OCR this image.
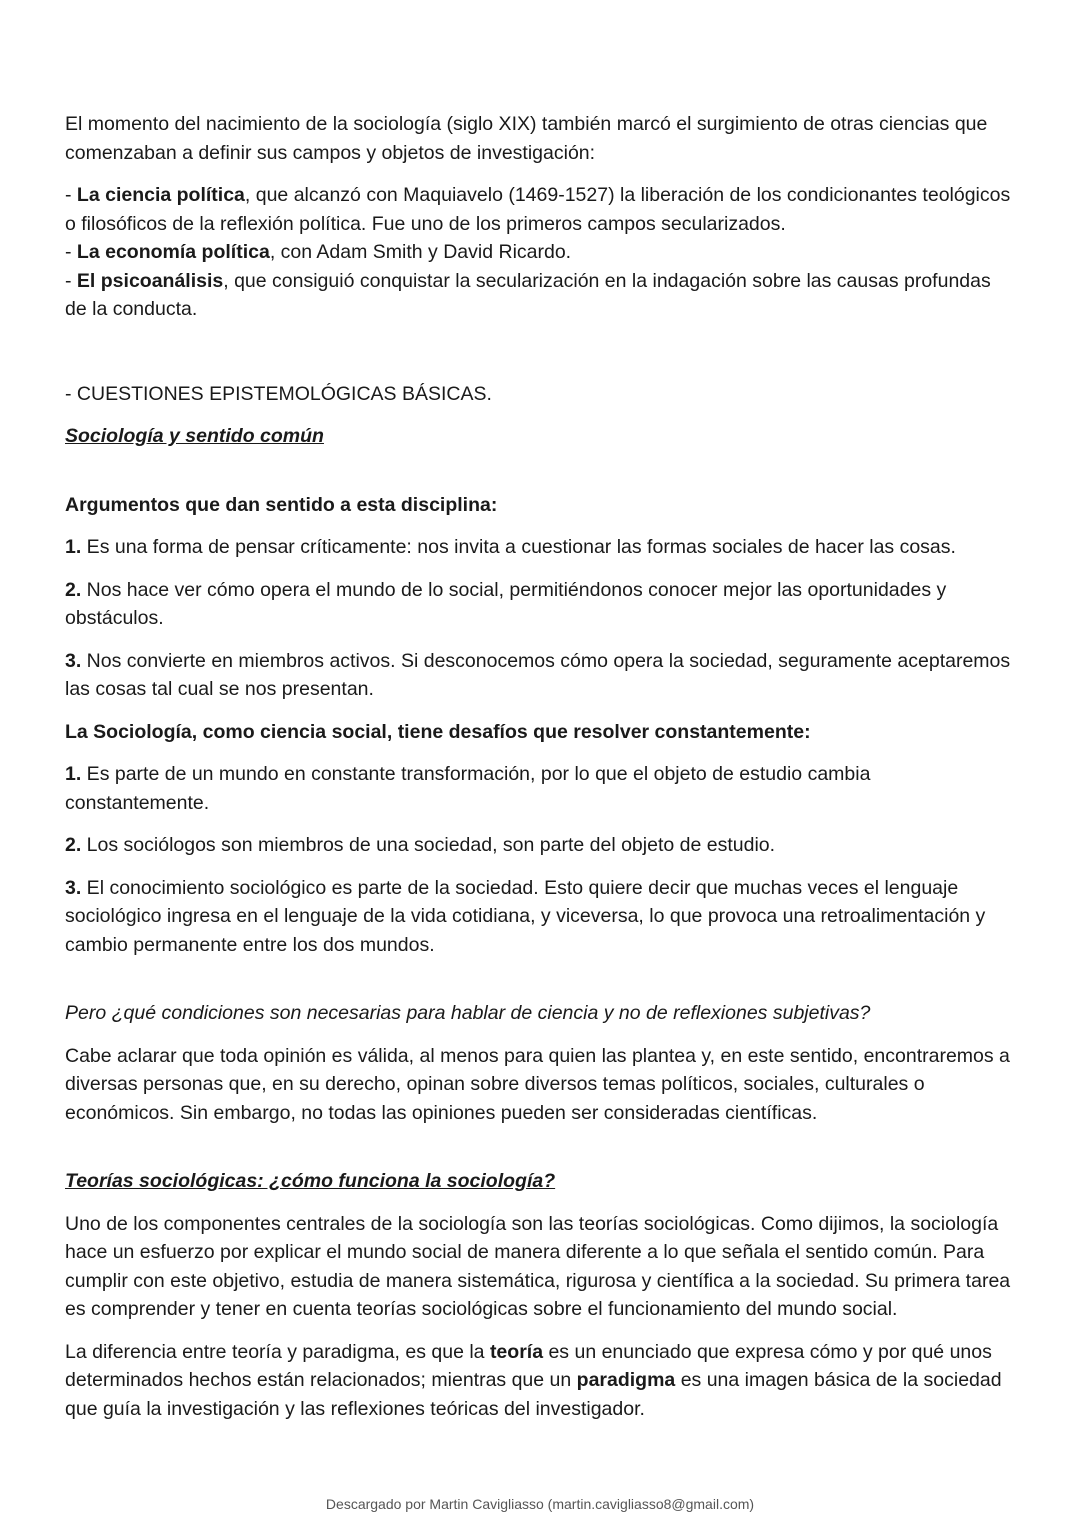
El momento del nacimiento de la sociología (siglo XIX) también marcó el surgimiento de otras ciencias que comenzaban a definir sus campos y objetos de investigación:

- La ciencia política, que alcanzó con Maquiavelo (1469-1527) la liberación de los condicionantes teológicos o filosóficos de la reflexión política. Fue uno de los primeros campos secularizados.
- La economía política, con Adam Smith y David Ricardo.
- El psicoanálisis, que consiguió conquistar la secularización en la indagación sobre las causas profundas de la conducta.

- CUESTIONES EPISTEMOLÓGICAS BÁSICAS.

Sociología y sentido común

Argumentos que dan sentido a esta disciplina:

1. Es una forma de pensar críticamente: nos invita a cuestionar las formas sociales de hacer las cosas.

2. Nos hace ver cómo opera el mundo de lo social, permitiéndonos conocer mejor las oportunidades y obstáculos.

3. Nos convierte en miembros activos. Si desconocemos cómo opera la sociedad, seguramente aceptaremos las cosas tal cual se nos presentan.

La Sociología, como ciencia social, tiene desafíos que resolver constantemente:

1. Es parte de un mundo en constante transformación, por lo que el objeto de estudio cambia constantemente.

2. Los sociólogos son miembros de una sociedad, son parte del objeto de estudio.

3. El conocimiento sociológico es parte de la sociedad. Esto quiere decir que muchas veces el lenguaje sociológico ingresa en el lenguaje de la vida cotidiana, y viceversa, lo que provoca una retroalimentación y cambio permanente entre los dos mundos.

Pero ¿qué condiciones son necesarias para hablar de ciencia y no de reflexiones subjetivas?

Cabe aclarar que toda opinión es válida, al menos para quien las plantea y, en este sentido, encontraremos a diversas personas que, en su derecho, opinan sobre diversos temas políticos, sociales, culturales o económicos. Sin embargo, no todas las opiniones pueden ser consideradas científicas.

Teorías sociológicas: ¿cómo funciona la sociología?

Uno de los componentes centrales de la sociología son las teorías sociológicas. Como dijimos, la sociología hace un esfuerzo por explicar el mundo social de manera diferente a lo que señala el sentido común. Para cumplir con este objetivo, estudia de manera sistemática, rigurosa y científica a la sociedad. Su primera tarea es comprender y tener en cuenta teorías sociológicas sobre el funcionamiento del mundo social.

La diferencia entre teoría y paradigma, es que la teoría es un enunciado que expresa cómo y por qué unos determinados hechos están relacionados; mientras que un paradigma es una imagen básica de la sociedad que guía la investigación y las reflexiones teóricas del investigador.

Descargado por Martin Cavigliasso (martin.cavigliasso8@gmail.com)
